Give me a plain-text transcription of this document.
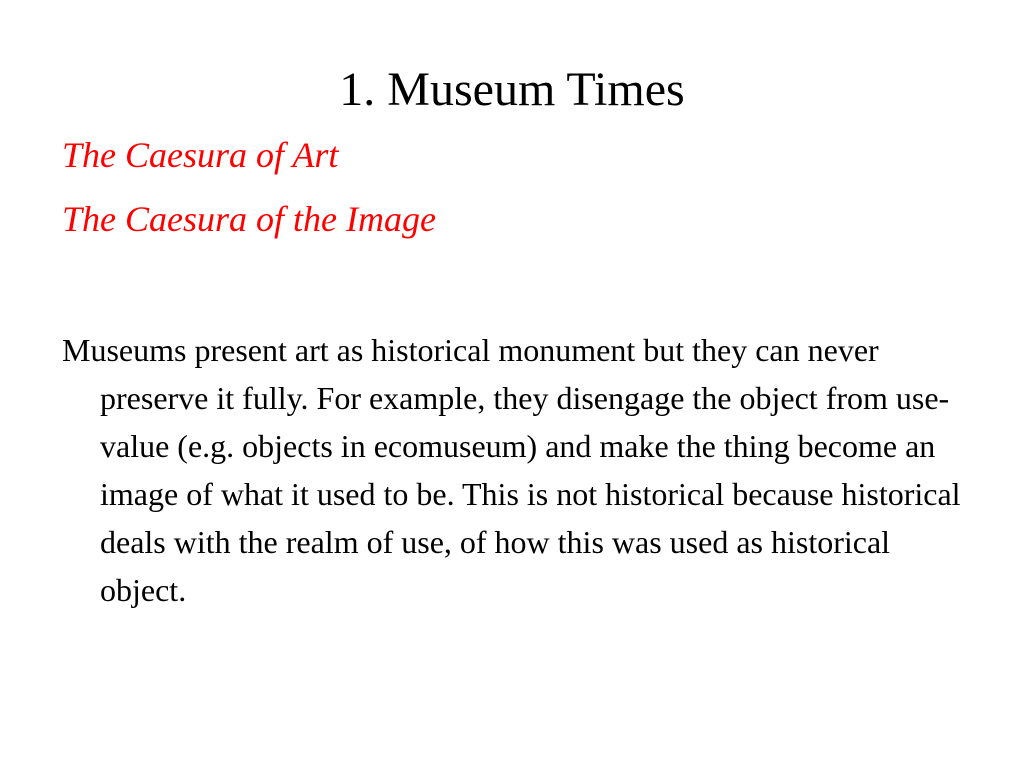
1. Museum Times

The Caesura of Art

The Caesura of the Image

Museums present art as historical monument but they can never preserve it fully. For example, they disengage the object from use-value (e.g. objects in ecomuseum) and make the thing become an image of what it used to be. This is not historical because historical deals with the realm of use, of how this was used as historical object.
